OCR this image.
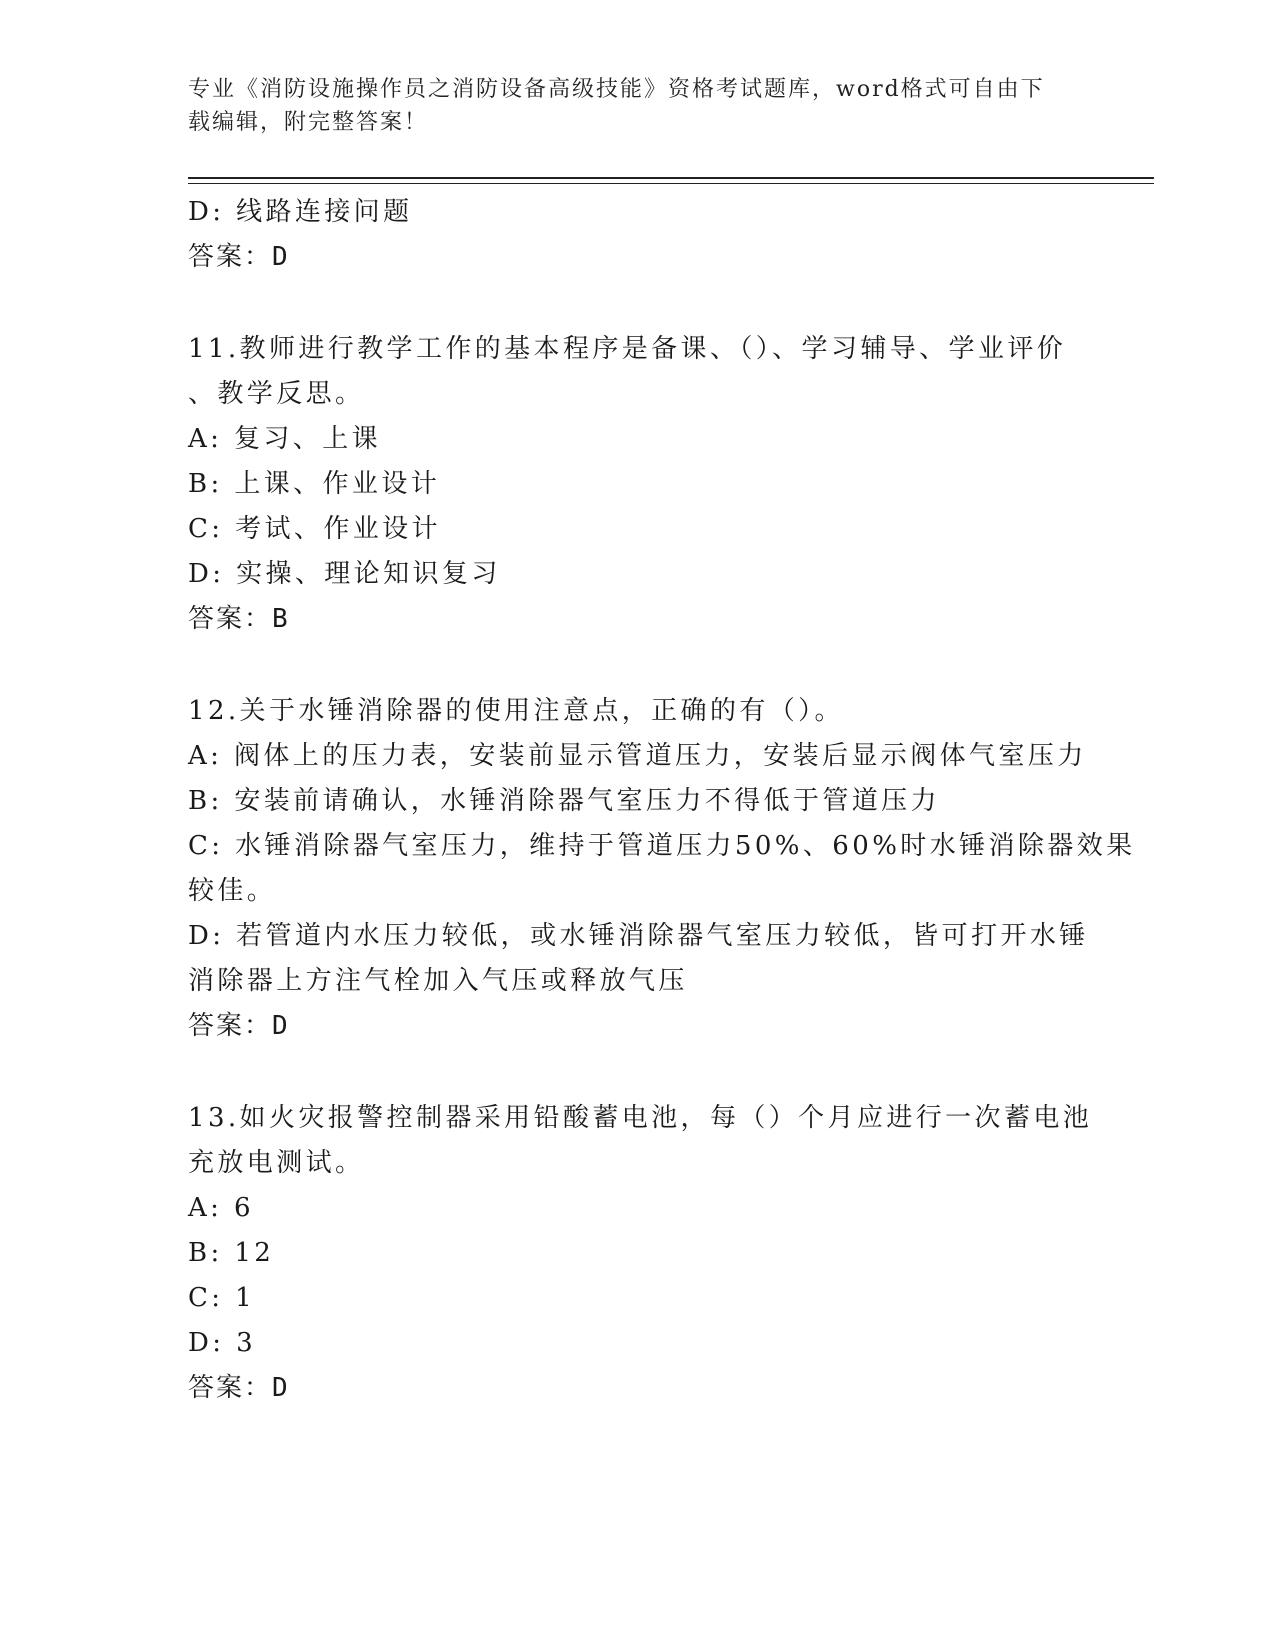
专业《消防设施操作员之消防设备高级技能》资格考试题库，word格式可自由下
载编辑，附完整答案！
D: 线路连接问题
答案：D
11.教师进行教学工作的基本程序是备课、（）、学习辅导、学业评价
、教学反思。
A: 复习、上课
B: 上课、作业设计
C: 考试、作业设计
D: 实操、理论知识复习
答案：B
12.关于水锤消除器的使用注意点，正确的有（）。
A: 阀体上的压力表，安装前显示管道压力，安装后显示阀体气室压力
B: 安装前请确认，水锤消除器气室压力不得低于管道压力
C: 水锤消除器气室压力，维持于管道压力50%、60%时水锤消除器效果
较佳。
D: 若管道内水压力较低，或水锤消除器气室压力较低，皆可打开水锤
消除器上方注气栓加入气压或释放气压
答案：D
13.如火灾报警控制器采用铅酸蓄电池，每（）个月应进行一次蓄电池
充放电测试。
A: 6
B: 12
C: 1
D: 3
答案：D
